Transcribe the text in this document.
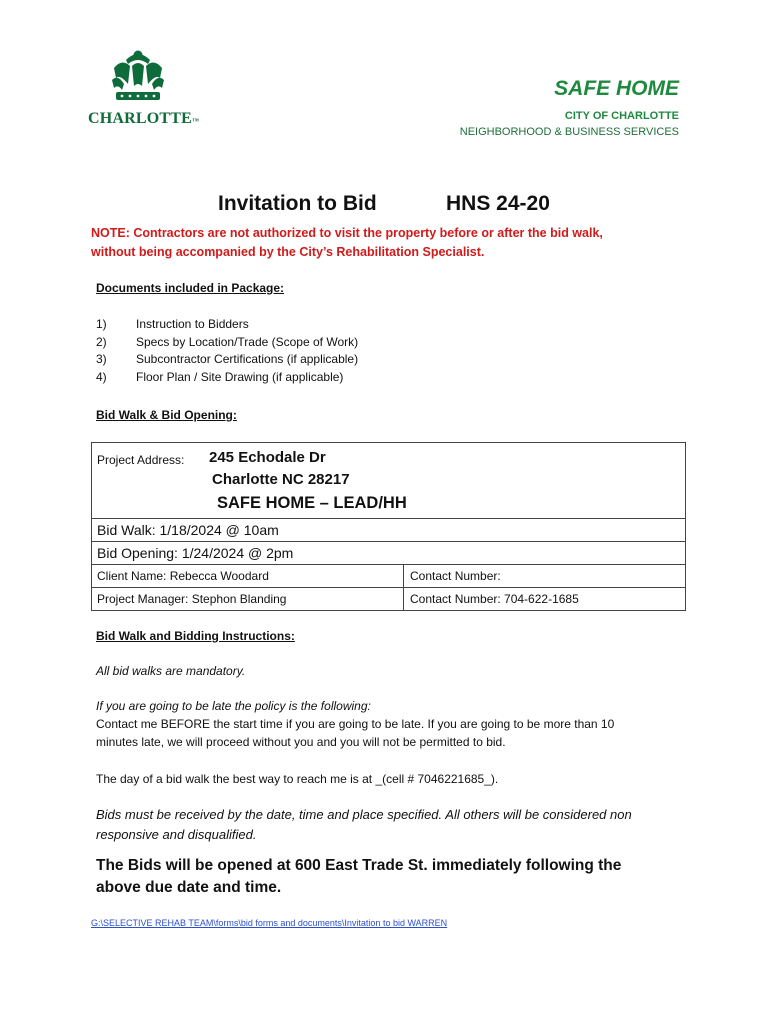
CHARLOTTE™
SAFE HOME
CITY OF CHARLOTTE
NEIGHBORHOOD & BUSINESS SERVICES
Invitation to Bid	HNS 24-20
NOTE: Contractors are not authorized to visit the property before or after the bid walk,
without being accompanied by the City’s Rehabilitation Specialist.
Documents included in Package:
1)	Instruction to Bidders
2)	Specs by Location/Trade (Scope of Work)
3)	Subcontractor Certifications (if applicable)
4)	Floor Plan / Site Drawing (if applicable)
Bid Walk & Bid Opening:
Project Address: 245 Echodale Dr
Charlotte NC 28217
SAFE HOME – LEAD/HH
Bid Walk: 1/18/2024 @ 10am
Bid Opening: 1/24/2024 @ 2pm
Client Name: Rebecca Woodard	Contact Number:
Project Manager: Stephon Blanding	Contact Number: 704-622-1685
Bid Walk and Bidding Instructions:
All bid walks are mandatory.
If you are going to be late the policy is the following:
Contact me BEFORE the start time if you are going to be late. If you are going to be more than 10
minutes late, we will proceed without you and you will not be permitted to bid.
The day of a bid walk the best way to reach me is at _(cell # 7046221685_).
Bids must be received by the date, time and place specified. All others will be considered non
responsive and disqualified.
The Bids will be opened at 600 East Trade St. immediately following the
above due date and time.
G:\SELECTIVE REHAB TEAM\forms\bid forms and documents\Invitation to bid WARREN
